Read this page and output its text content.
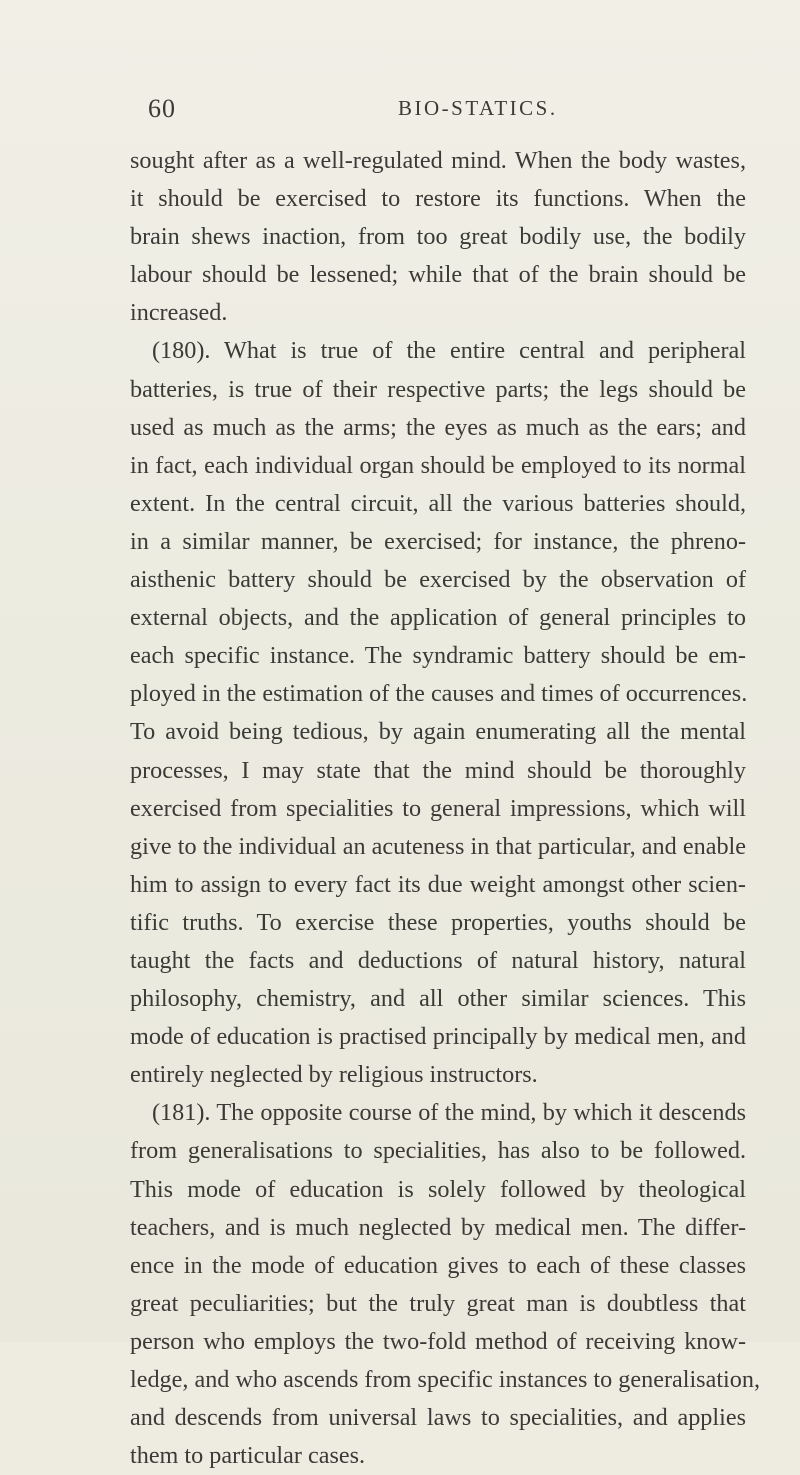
60	BIO-STATICS.
sought after as a well-regulated mind. When the body wastes,
it should be exercised to restore its functions. When the
brain shews inaction, from too great bodily use, the bodily
labour should be lessened; while that of the brain should be
increased.
(180). What is true of the entire central and peripheral
batteries, is true of their respective parts; the legs should be
used as much as the arms; the eyes as much as the ears; and
in fact, each individual organ should be employed to its normal
extent. In the central circuit, all the various batteries should,
in a similar manner, be exercised; for instance, the phreno-
aisthenic battery should be exercised by the observation of
external objects, and the application of general principles to
each specific instance. The syndramic battery should be em-
ployed in the estimation of the causes and times of occurrences.
To avoid being tedious, by again enumerating all the mental
processes, I may state that the mind should be thoroughly
exercised from specialities to general impressions, which will
give to the individual an acuteness in that particular, and enable
him to assign to every fact its due weight amongst other scien-
tific truths. To exercise these properties, youths should be
taught the facts and deductions of natural history, natural
philosophy, chemistry, and all other similar sciences. This
mode of education is practised principally by medical men, and
entirely neglected by religious instructors.
(181). The opposite course of the mind, by which it descends
from generalisations to specialities, has also to be followed.
This mode of education is solely followed by theological
teachers, and is much neglected by medical men. The differ-
ence in the mode of education gives to each of these classes
great peculiarities; but the truly great man is doubtless that
person who employs the two-fold method of receiving know-
ledge, and who ascends from specific instances to generalisation,
and descends from universal laws to specialities, and applies
them to particular cases.
